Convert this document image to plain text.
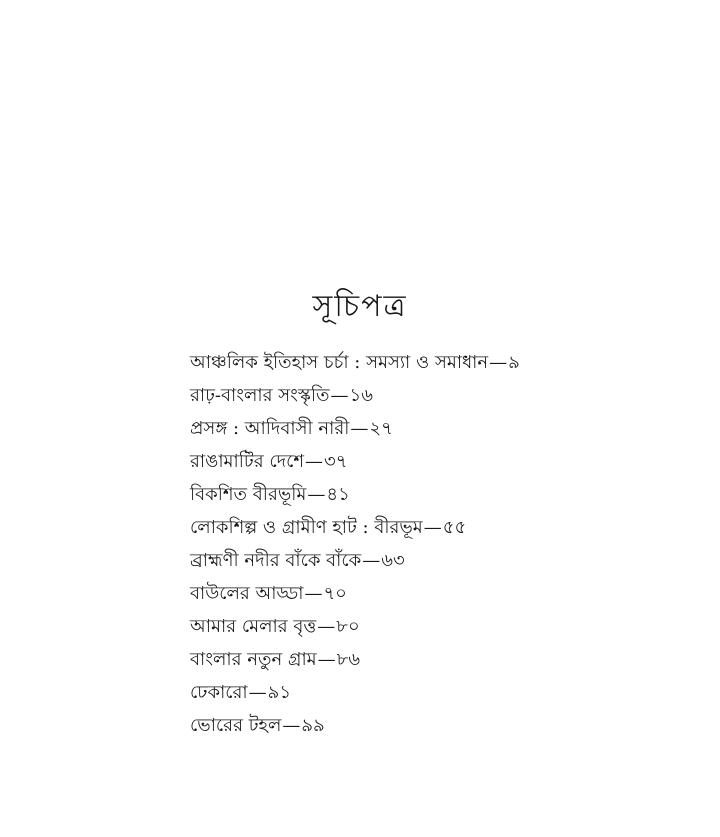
সূচিপত্র
আঞ্চলিক ইতিহাস চর্চা : সমস্যা ও সমাধান—৯
রাঢ়-বাংলার সংস্কৃতি—১৬
প্রসঙ্গ : আদিবাসী নারী—২৭
রাঙামাটির দেশে—৩৭
বিকশিত বীরভূমি—৪১
লোকশিল্প ও গ্রামীণ হাট : বীরভূম—৫৫
ব্রাহ্মণী নদীর বাঁকে বাঁকে—৬৩
বাউলের আড্ডা—৭০
আমার মেলার বৃত্ত—৮০
বাংলার নতুন গ্রাম—৮৬
ঢেকারো—৯১
ভোরের টহল—৯৯
